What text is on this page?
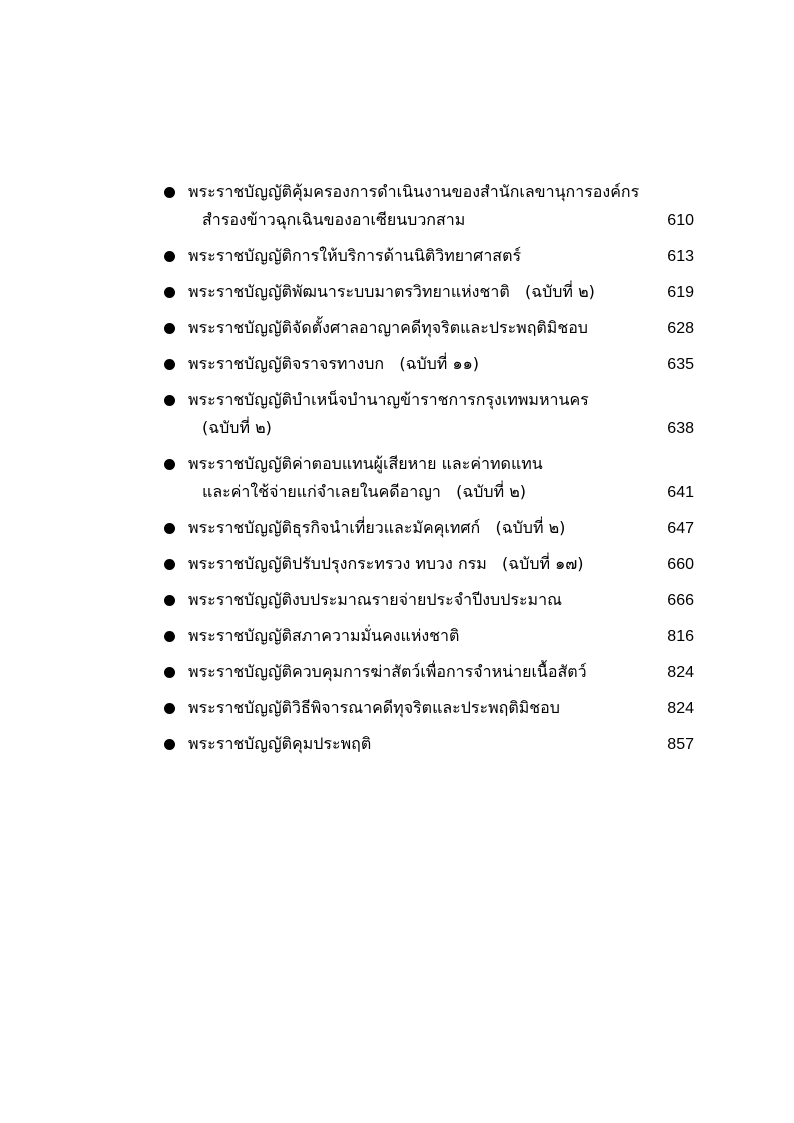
พระราชบัญญัติคุ้มครองการดำเนินงานของสำนักเลขานุการองค์กร
สำรองข้าวฉุกเฉินของอาเซียนบวกสาม	610
พระราชบัญญัติการให้บริการด้านนิติวิทยาศาสตร์	613
พระราชบัญญัติพัฒนาระบบมาตรวิทยาแห่งชาติ   (ฉบับที่ ๒)	619
พระราชบัญญัติจัดตั้งศาลอาญาคดีทุจริตและประพฤติมิชอบ	628
พระราชบัญญัติจราจรทางบก   (ฉบับที่ ๑๑)	635
พระราชบัญญัติบำเหน็จบำนาญข้าราชการกรุงเทพมหานคร
(ฉบับที่ ๒)	638
พระราชบัญญัติค่าตอบแทนผู้เสียหาย และค่าทดแทน
และค่าใช้จ่ายแก่จำเลยในคดีอาญา   (ฉบับที่ ๒)	641
พระราชบัญญัติธุรกิจนำเที่ยวและมัคคุเทศก์   (ฉบับที่ ๒)	647
พระราชบัญญัติปรับปรุงกระทรวง ทบวง กรม   (ฉบับที่ ๑๗)	660
พระราชบัญญัติงบประมาณรายจ่ายประจำปีงบประมาณ	666
พระราชบัญญัติสภาความมั่นคงแห่งชาติ	816
พระราชบัญญัติควบคุมการฆ่าสัตว์เพื่อการจำหน่ายเนื้อสัตว์	824
พระราชบัญญัติวิธีพิจารณาคดีทุจริตและประพฤติมิชอบ	824
พระราชบัญญัติคุมประพฤติ	857
